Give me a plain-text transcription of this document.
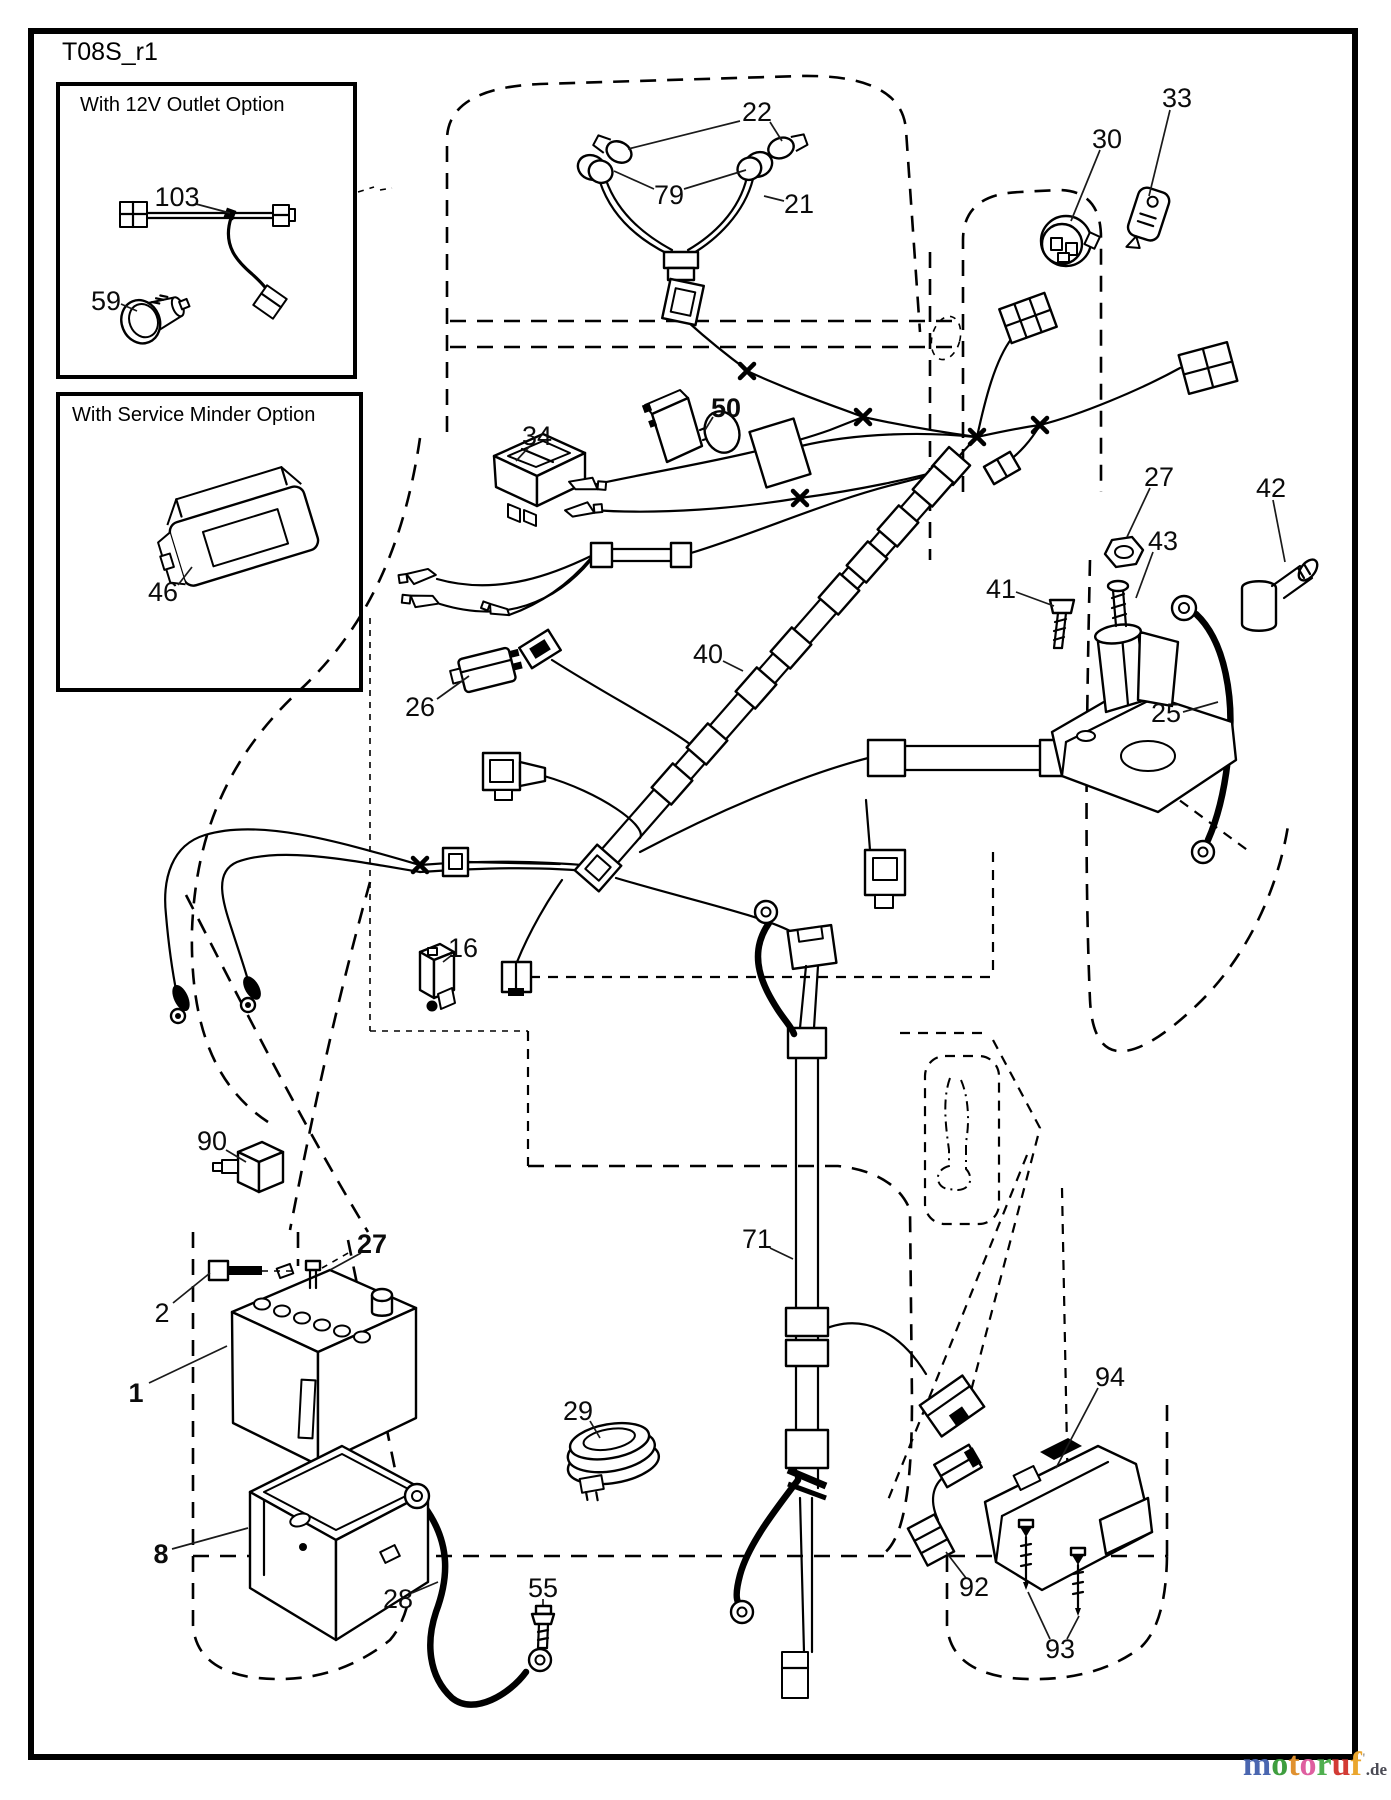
103
59
46
22
79	21
30
33
34
50
26
40
16
90
27	42
43
41
25
27
2
1
8
29
28	55
71
92
93
94
T08S_r1
With 12V Outlet Option
With Service Minder Option
motoruf'.de
